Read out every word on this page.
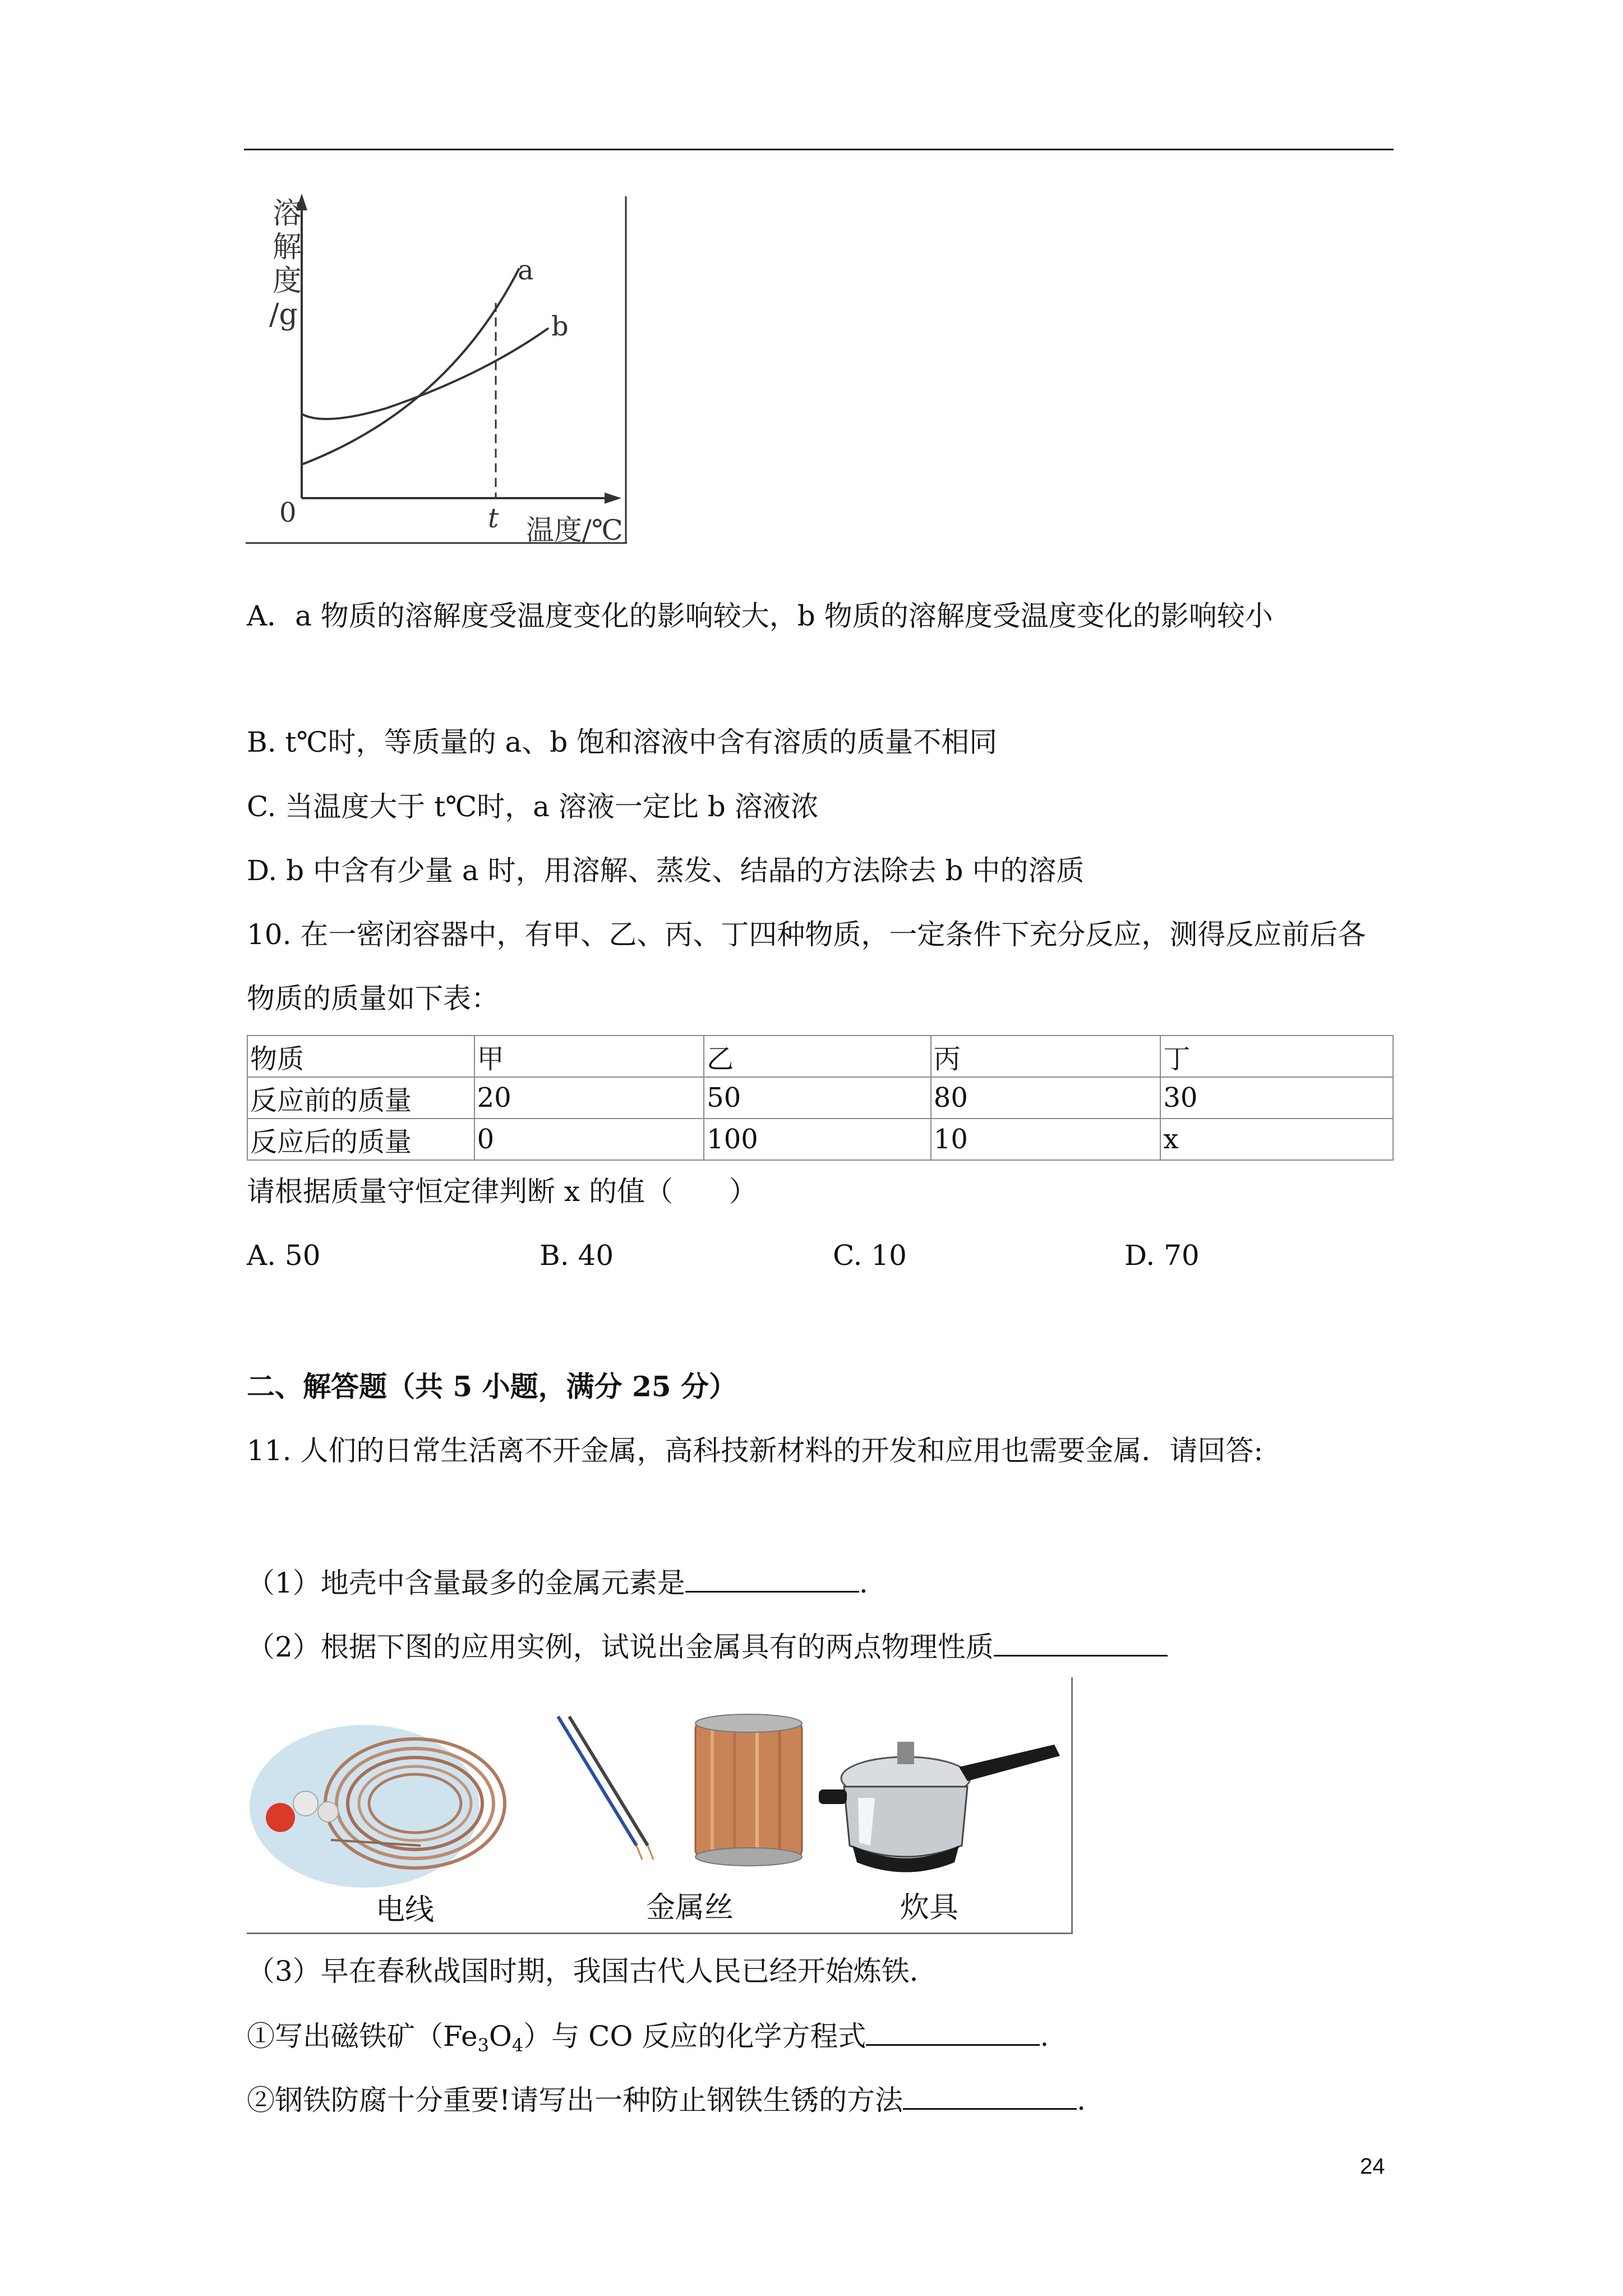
溶
解
度
/g
0	t 温度/℃
a
b
A．a 物质的溶解度受温度变化的影响较大，b 物质的溶解度受温度变化的影响较小
B. t℃时，等质量的 a、b 饱和溶液中含有溶质的质量不相同
C. 当温度大于 t℃时，a 溶液一定比 b 溶液浓
D. b 中含有少量 a 时，用溶解、蒸发、结晶的方法除去 b 中的溶质
10. 在一密闭容器中，有甲、乙、丙、丁四种物质，一定条件下充分反应，测得反应前后各
物质的质量如下表：
物质	甲	乙	丙	丁
反应前的质量	20	50	80	30
反应后的质量	0	100	10	x
请根据质量守恒定律判断 x 的值（　　）
A. 50	B. 40	C. 10	D. 70
二、解答题（共 5 小题，满分 25 分）
11. 人们的日常生活离不开金属，高科技新材料的开发和应用也需要金属．请回答:
（1）地壳中含量最多的金属元素是	.
（2）根据下图的应用实例，试说出金属具有的两点物理性质
电线	金属丝	炊具
（3）早在春秋战国时期，我国古代人民已经开始炼铁．
①写出磁铁矿$(Fe_3O_4)$与 CO 反应的化学方程式	.
②钢铁防腐十分重要!请写出一种防止钢铁生锈的方法	.
24
